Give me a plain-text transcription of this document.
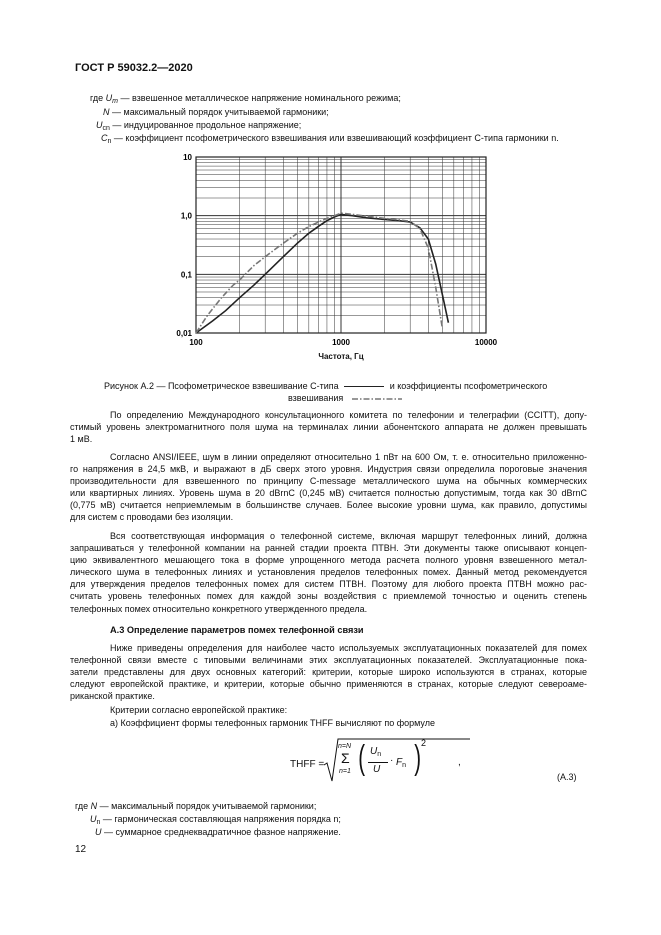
ГОСТ Р 59032.2—2020
где $U_m$ — взвешенное металлическое напряжение номинального режима;
N — максимальный порядок учитываемой гармоники;
$U_{cn}$ — индуцированное продольное напряжение;
$C_n$ — коэффициент псофометрического взвешивания или взвешивающий коэффициент C-типа гармоники n.
10
1,0
0,1
0,01
100	1000	10000
Частота, Гц
Рисунок А.2 — Псофометрическое взвешивание C-типа	и коэффициенты псофометрического
взвешивания
По определению Международного консультационного комитета по телефонии и телеграфии (CCITT), допу-
стимый уровень электромагнитного поля шума на терминалах линии абонентского аппарата не должен превышать
1 мВ.
Согласно ANSI/IEEE, шум в линии определяют относительно 1 пВт на 600 Ом, т. е. относительно приложенно-
го напряжения в 24,5 мкВ, и выражают в дБ сверх этого уровня. Индустрия связи определила пороговые значения
производительности для взвешенного по принципу C-message металлического шума на обычных коммерческих
или квартирных линиях. Уровень шума в 20 dBrnC (0,245 мВ) считается полностью допустимым, тогда как 30 dBrnC
(0,775 мВ) считается неприемлемым в большинстве случаев. Более высокие уровни шума, как правило, допустимы
для систем с проводами без изоляции.
Вся соответствующая информация о телефонной системе, включая маршрут телефонных линий, должна
запрашиваться у телефонной компании на ранней стадии проекта ПТВН. Эти документы также описывают концеп-
цию эквивалентного мешающего тока в форме упрощенного метода расчета полного уровня взвешенного метал-
лического шума в телефонных линиях и установления пределов телефонных помех. Данный метод рекомендуется
для утверждения пределов телефонных помех для систем ПТВН. Поэтому для любого проекта ПТВН можно рас-
считать уровень телефонных помех для каждой зоны воздействия с приемлемой точностью и оценить степень
телефонных помех относительно конкретного утвержденного предела.
А.3 Определение параметров помех телефонной связи
Ниже приведены определения для наиболее часто используемых эксплуатационных показателей для помех
телефонной связи вместе с типовыми величинами этих эксплуатационных показателей. Эксплуатационные пока-
затели представлены для двух основных категорий: критерии, которые широко используются в странах, которые
следуют европейской практике, и критерии, которые обычно применяются в странах, которые следуют североаме-
риканской практике.
Критерии согласно европейской практике:
а) Коэффициент формы телефонных гармоник THFF вычисляют по формуле
THFF =
n=N
Σ
n=1 ( $U_n$
U
· $F_n$ ) 2
,
(А.3)
где N — максимальный порядок учитываемой гармоники;
$U_n$ — гармоническая составляющая напряжения порядка n;
U — суммарное среднеквадратичное фазное напряжение.
12
